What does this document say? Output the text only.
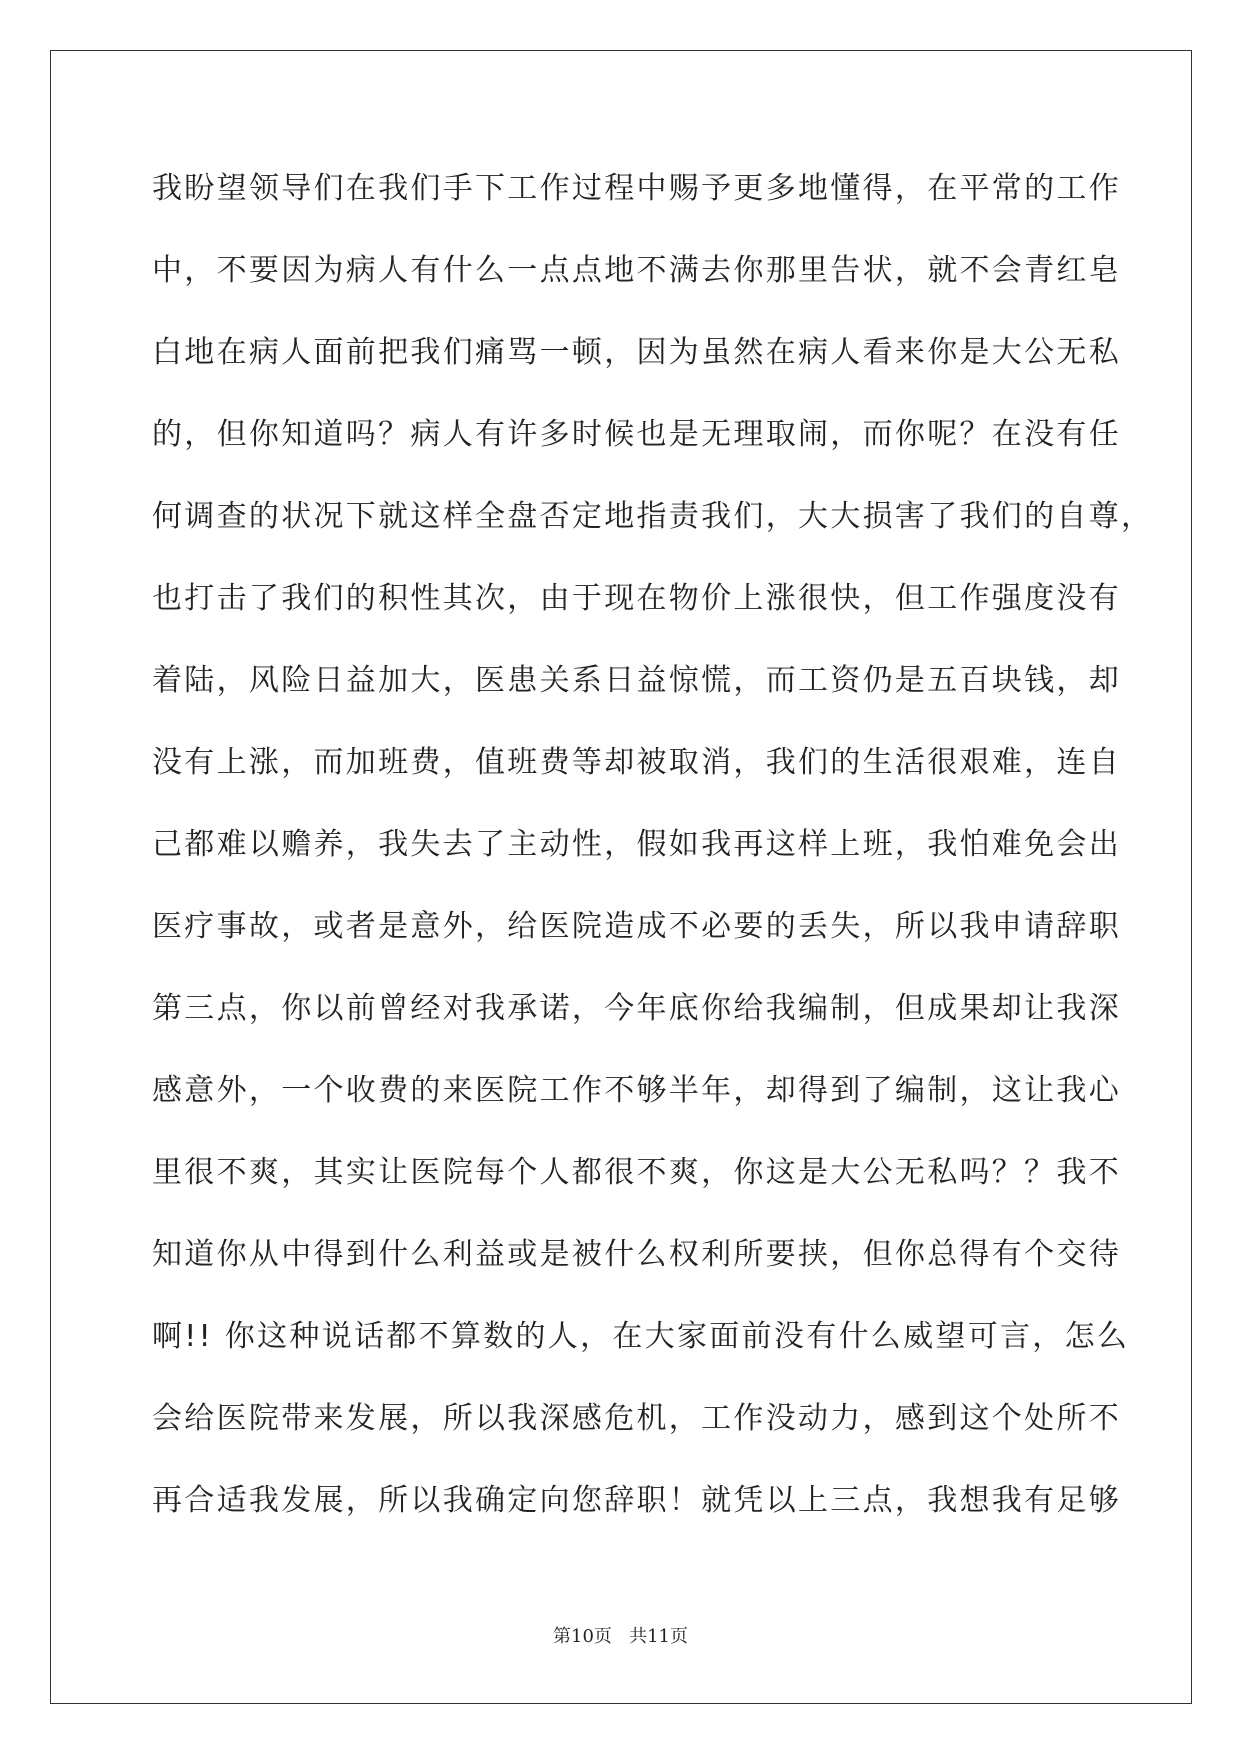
我盼望领导们在我们手下工作过程中赐予更多地懂得，在平常的工作
中，不要因为病人有什么一点点地不满去你那里告状，就不会青红皂
白地在病人面前把我们痛骂一顿，因为虽然在病人看来你是大公无私
的，但你知道吗？病人有许多时候也是无理取闹，而你呢？在没有任
何调查的状况下就这样全盘否定地指责我们，大大损害了我们的自尊，
也打击了我们的积性其次，由于现在物价上涨很快，但工作强度没有
着陆，风险日益加大，医患关系日益惊慌，而工资仍是五百块钱，却
没有上涨，而加班费，值班费等却被取消，我们的生活很艰难，连自
己都难以赡养，我失去了主动性，假如我再这样上班，我怕难免会出
医疗事故，或者是意外，给医院造成不必要的丢失，所以我申请辞职
第三点，你以前曾经对我承诺，今年底你给我编制，但成果却让我深
感意外，一个收费的来医院工作不够半年，却得到了编制，这让我心
里很不爽，其实让医院每个人都很不爽，你这是大公无私吗？？我不
知道你从中得到什么利益或是被什么权利所要挟，但你总得有个交待
啊!! 你这种说话都不算数的人，在大家面前没有什么威望可言，怎么
会给医院带来发展，所以我深感危机，工作没动力，感到这个处所不
再合适我发展，所以我确定向您辞职！就凭以上三点，我想我有足够
第10页   共11页
